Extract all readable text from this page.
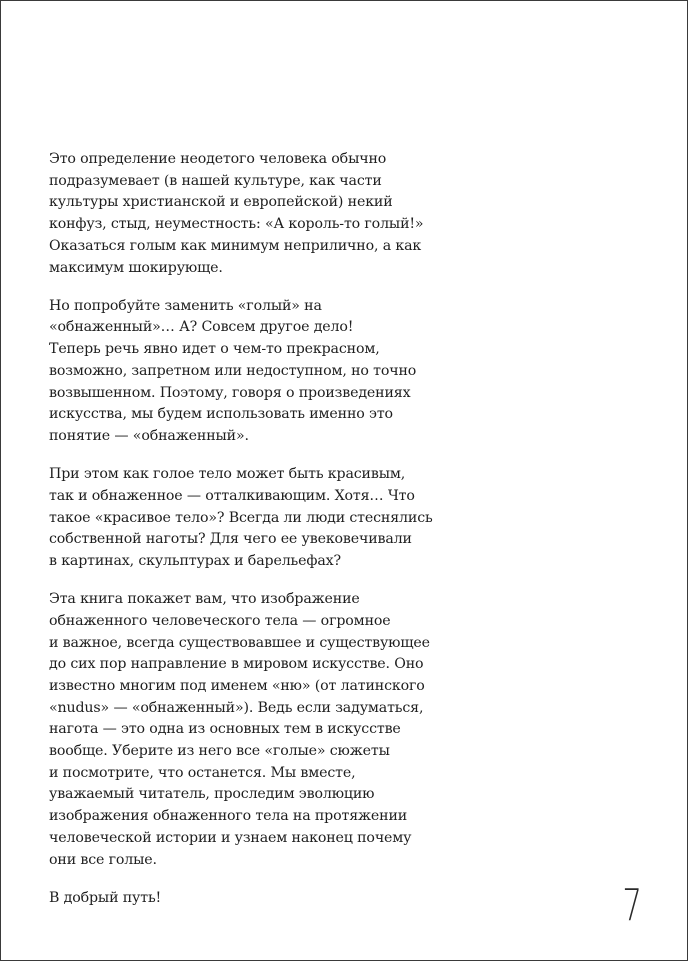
Это определение неодетого человека обычно
подразумевает (в нашей культуре, как части
культуры христианской и европейской) некий
конфуз, стыд, неуместность: «А король-то голый!»
Оказаться голым как минимум неприлично, а как
максимум шокирующе.

Но попробуйте заменить «голый» на
«обнаженный»… А? Совсем другое дело!
Теперь речь явно идет о чем-то прекрасном,
возможно, запретном или недоступном, но точно
возвышенном. Поэтому, говоря о произведениях
искусства, мы будем использовать именно это
понятие — «обнаженный».

При этом как голое тело может быть красивым,
так и обнаженное — отталкивающим. Хотя… Что
такое «красивое тело»? Всегда ли люди стеснялись
собственной наготы? Для чего ее увековечивали
в картинах, скульптурах и барельефах?

Эта книга покажет вам, что изображение
обнаженного человеческого тела — огромное
и важное, всегда существовавшее и существующее
до сих пор направление в мировом искусстве. Оно
известно многим под именем «ню» (от латинского
«nudus» — «обнаженный»). Ведь если задуматься,
нагота — это одна из основных тем в искусстве
вообще. Уберите из него все «голые» сюжеты
и посмотрите, что останется. Мы вместе,
уважаемый читатель, проследим эволюцию
изображения обнаженного тела на протяжении
человеческой истории и узнаем наконец почему
они все голые.

В добрый путь!	7
